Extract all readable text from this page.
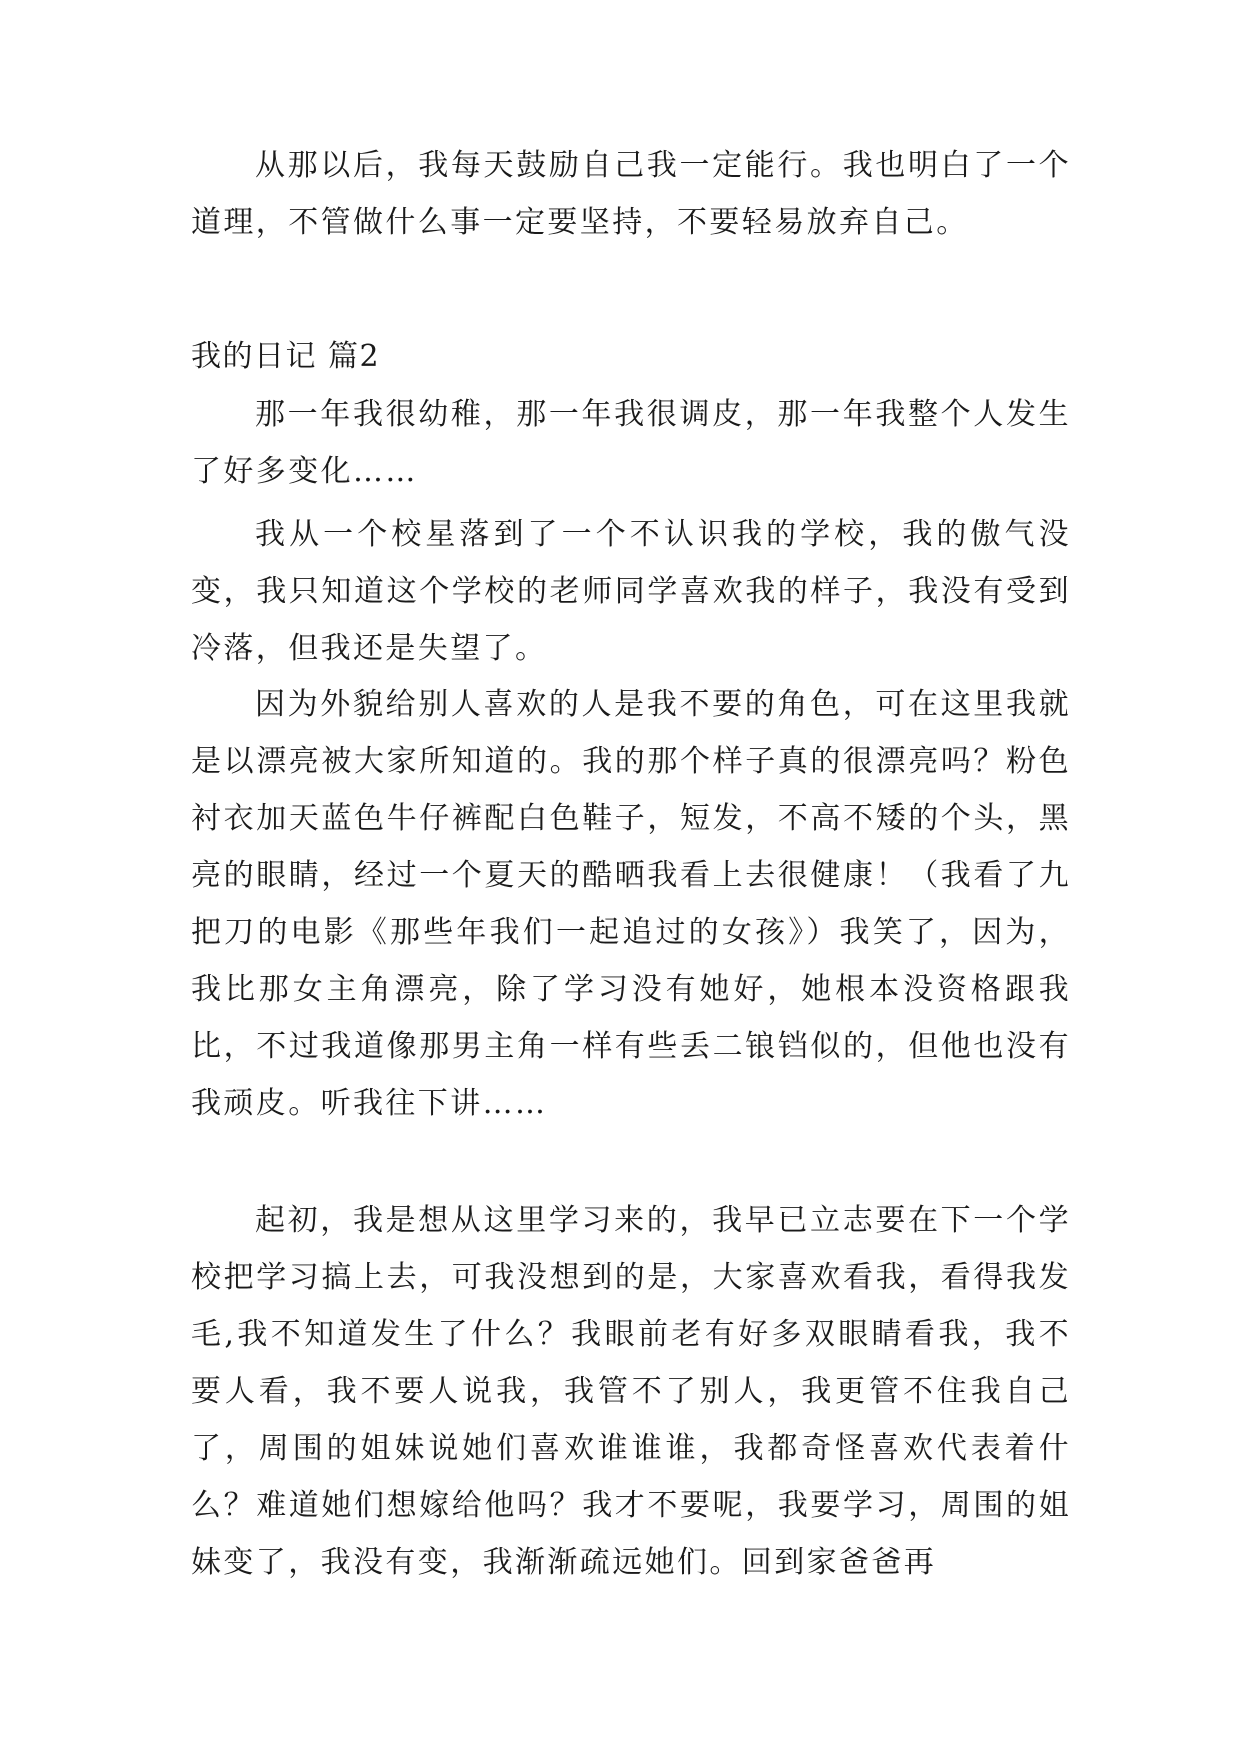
从那以后，我每天鼓励自己我一定能行。我也明白了一个道理，不管做什么事一定要坚持，不要轻易放弃自己。

我的日记 篇2

那一年我很幼稚，那一年我很调皮，那一年我整个人发生了好多变化……

我从一个校星落到了一个不认识我的学校，我的傲气没变，我只知道这个学校的老师同学喜欢我的样子，我没有受到冷落，但我还是失望了。

因为外貌给别人喜欢的人是我不要的角色，可在这里我就是以漂亮被大家所知道的。我的那个样子真的很漂亮吗？粉色衬衣加天蓝色牛仔裤配白色鞋子，短发，不高不矮的个头，黑亮的眼睛，经过一个夏天的酷晒我看上去很健康！（我看了九把刀的电影《那些年我们一起追过的女孩》）我笑了，因为，我比那女主角漂亮，除了学习没有她好，她根本没资格跟我比，不过我道像那男主角一样有些丢二锒铛似的，但他也没有我顽皮。听我往下讲……

起初，我是想从这里学习来的，我早已立志要在下一个学校把学习搞上去，可我没想到的是，大家喜欢看我，看得我发毛,我不知道发生了什么？我眼前老有好多双眼睛看我，我不要人看，我不要人说我，我管不了别人，我更管不住我自己了，周围的姐妹说她们喜欢谁谁谁，我都奇怪喜欢代表着什么？难道她们想嫁给他吗？我才不要呢，我要学习，周围的姐妹变了，我没有变，我渐渐疏远她们。回到家爸爸再
